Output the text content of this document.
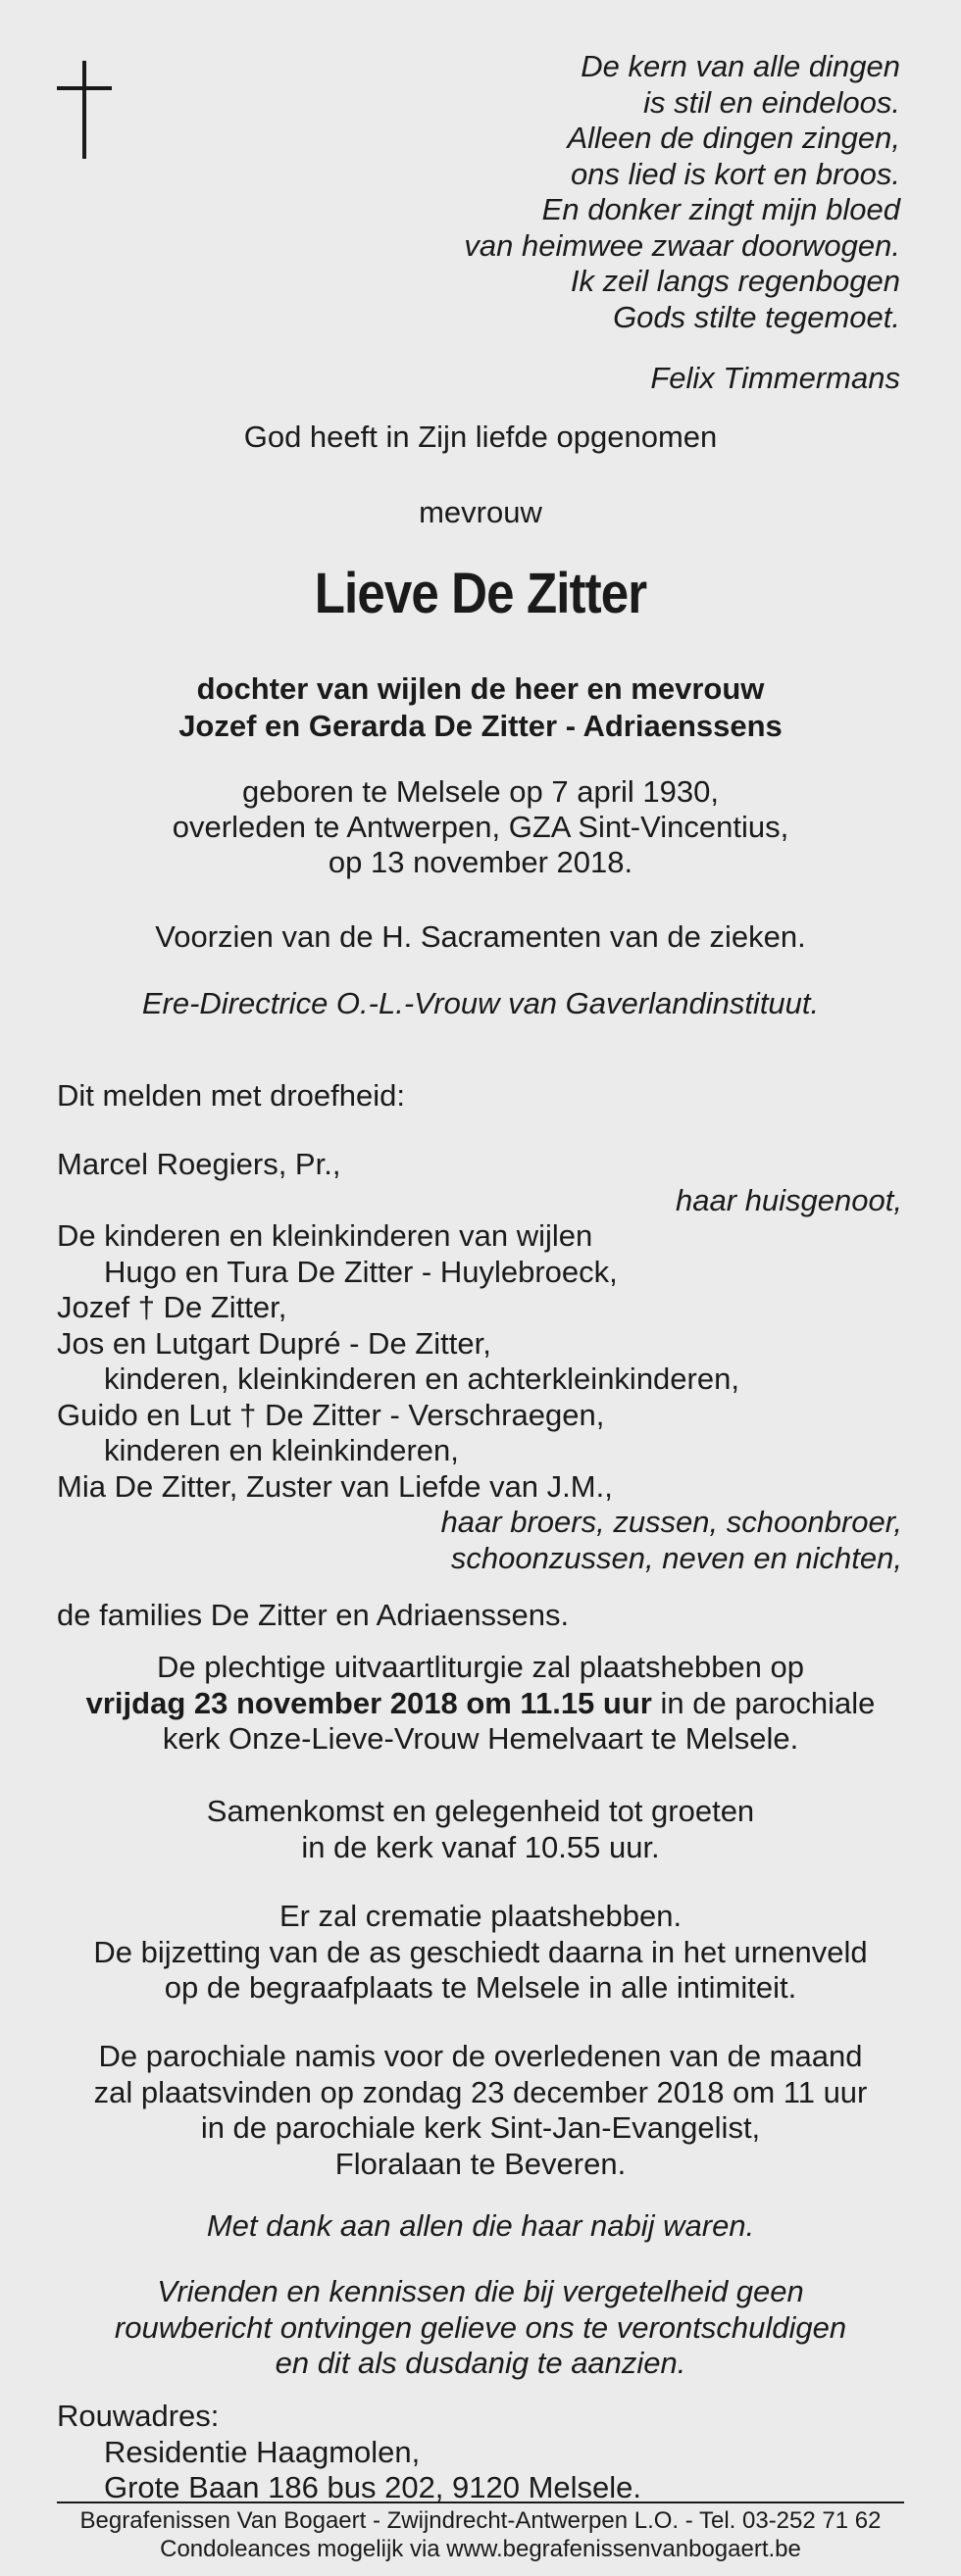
De kern van alle dingen
is stil en eindeloos.
Alleen de dingen zingen,
ons lied is kort en broos.
En donker zingt mijn bloed
van heimwee zwaar doorwogen.
Ik zeil langs regenbogen
Gods stilte tegemoet.
Felix Timmermans
God heeft in Zijn liefde opgenomen
mevrouw
Lieve De Zitter
dochter van wijlen de heer en mevrouw
Jozef en Gerarda De Zitter - Adriaenssens
geboren te Melsele op 7 april 1930,
overleden te Antwerpen, GZA Sint-Vincentius,
op 13 november 2018.
Voorzien van de H. Sacramenten van de zieken.
Ere-Directrice O.-L.-Vrouw van Gaverlandinstituut.
Dit melden met droefheid:
Marcel Roegiers, Pr.,
haar huisgenoot,
De kinderen en kleinkinderen van wijlen
Hugo en Tura De Zitter - Huylebroeck,
Jozef † De Zitter,
Jos en Lutgart Dupré - De Zitter,
kinderen, kleinkinderen en achterkleinkinderen,
Guido en Lut † De Zitter - Verschraegen,
kinderen en kleinkinderen,
Mia De Zitter, Zuster van Liefde van J.M.,
haar broers, zussen, schoonbroer,
schoonzussen, neven en nichten,
de families De Zitter en Adriaenssens.
De plechtige uitvaartliturgie zal plaatshebben op
vrijdag 23 november 2018 om 11.15 uur in de parochiale
kerk Onze-Lieve-Vrouw Hemelvaart te Melsele.
Samenkomst en gelegenheid tot groeten
in de kerk vanaf 10.55 uur.
Er zal crematie plaatshebben.
De bijzetting van de as geschiedt daarna in het urnenveld
op de begraafplaats te Melsele in alle intimiteit.
De parochiale namis voor de overledenen van de maand
zal plaatsvinden op zondag 23 december 2018 om 11 uur
in de parochiale kerk Sint-Jan-Evangelist,
Floralaan te Beveren.
Met dank aan allen die haar nabij waren.
Vrienden en kennissen die bij vergetelheid geen
rouwbericht ontvingen gelieve ons te verontschuldigen
en dit als dusdanig te aanzien.
Rouwadres:
Residentie Haagmolen,
Grote Baan 186 bus 202, 9120 Melsele.
Begrafenissen Van Bogaert - Zwijndrecht-Antwerpen L.O. - Tel. 03-252 71 62
Condoleances mogelijk via www.begrafenissenvanbogaert.be
